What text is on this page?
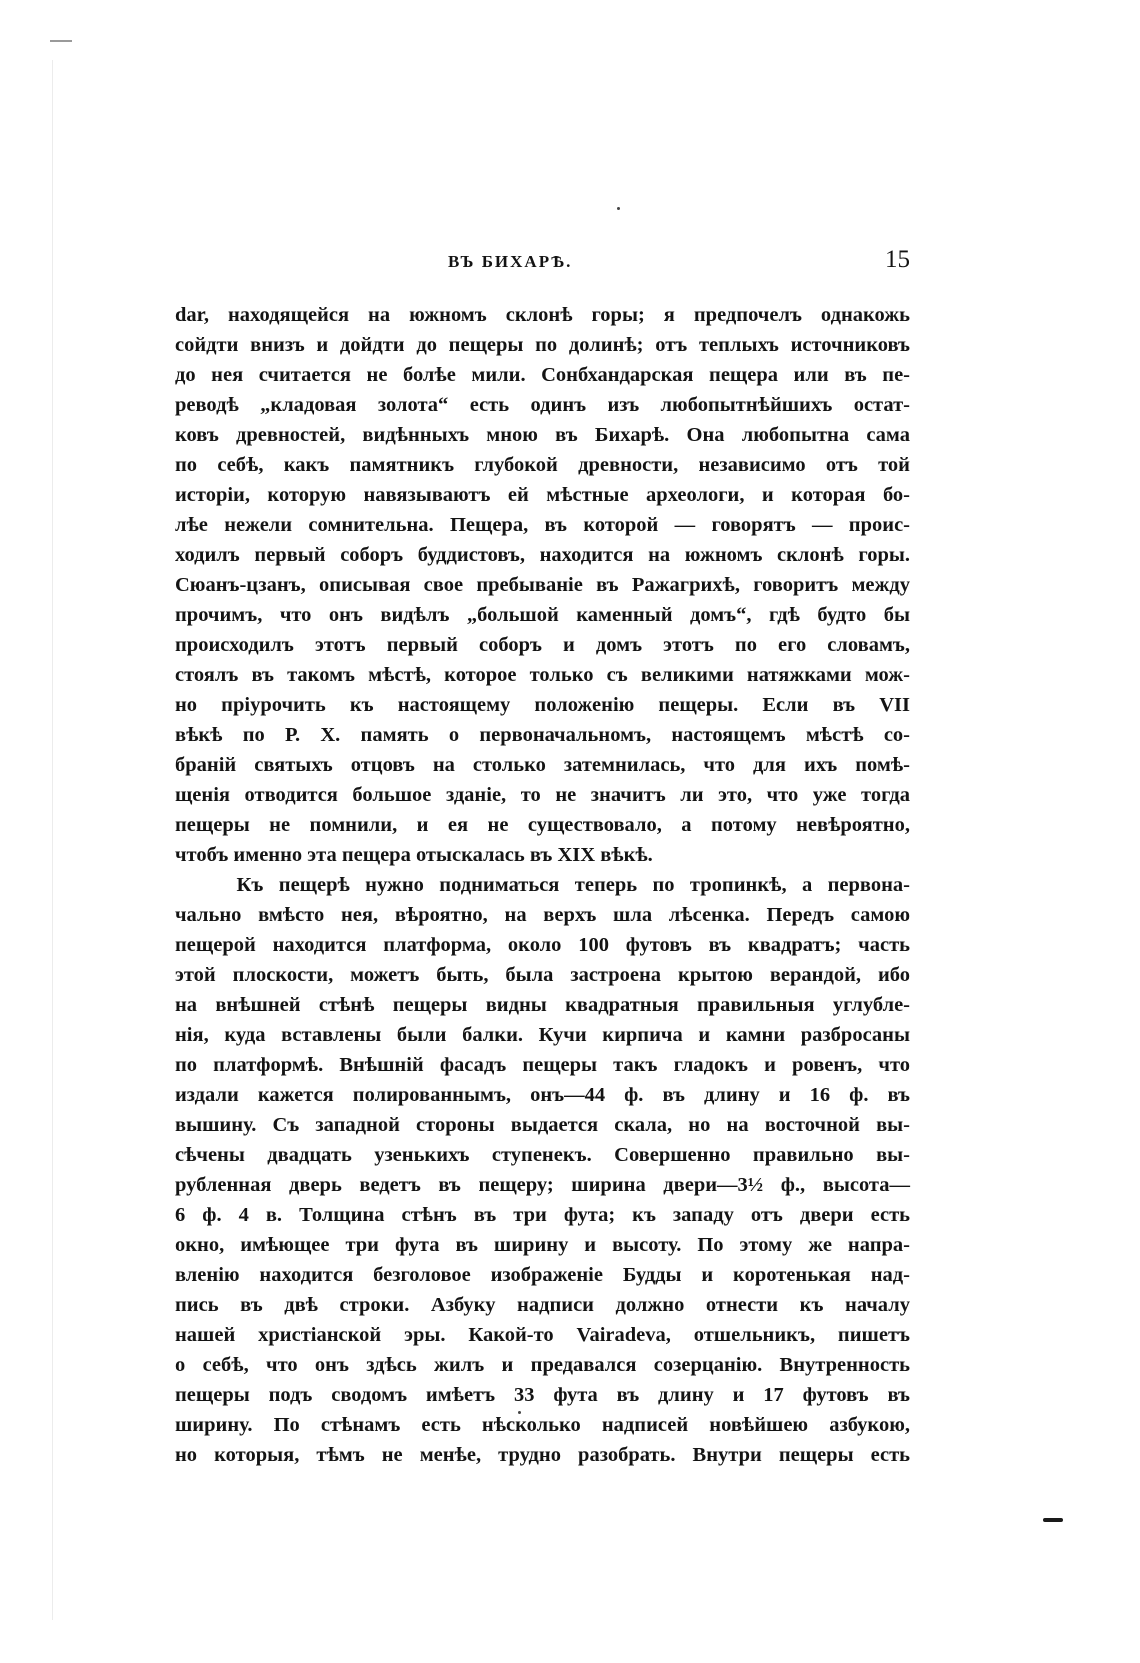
ВЪ БИХАРѢ.	15
dar, находящейся на южномъ склонѣ горы; я предпочелъ однакожь
сойдти внизъ и дойдти до пещеры по долинѣ; отъ теплыхъ источниковъ
до нея считается не болѣе мили. Сонбхандарская пещера или въ пе-
реводѣ „кладовая золота“ есть одинъ изъ любопытнѣйшихъ остат-
ковъ древностей, видѣнныхъ мною въ Бихарѣ. Она любопытна сама
по себѣ, какъ памятникъ глубокой древности, независимо отъ той
исторіи, которую навязываютъ ей мѣстные археологи, и которая бо-
лѣе нежели сомнительна. Пещера, въ которой — говорятъ — проис-
ходилъ первый соборъ буддистовъ, находится на южномъ склонѣ горы.
Сюанъ-цзанъ, описывая свое пребываніе въ Ражагрихѣ, говоритъ между
прочимъ, что онъ видѣлъ „большой каменный домъ“, гдѣ будто бы
происходилъ этотъ первый соборъ и домъ этотъ по его словамъ,
стоялъ въ такомъ мѣстѣ, которое только съ великими натяжками мож-
но пріурочить къ настоящему положенію пещеры. Если въ VII
вѣкѣ по Р. Х. память о первоначальномъ, настоящемъ мѣстѣ со-
браній святыхъ отцовъ на столько затемнилась, что для ихъ помѣ-
щенія отводится большое зданіе, то не значитъ ли это, что уже тогда
пещеры не помнили, и ея не существовало, а потому невѣроятно,
чтобъ именно эта пещера отыскалась въ XIX вѣкѣ.
Къ пещерѣ нужно подниматься теперь по тропинкѣ, а первона-
чально вмѣсто нея, вѣроятно, на верхъ шла лѣсенка. Передъ самою
пещерой находится платформа, около 100 футовъ въ квадратъ; часть
этой плоскости, можетъ быть, была застроена крытою верандой, ибо
на внѣшней стѣнѣ пещеры видны квадратныя правильныя углубле-
нія, куда вставлены были балки. Кучи кирпича и камни разбросаны
по платформѣ. Внѣшній фасадъ пещеры такъ гладокъ и ровенъ, что
издали кажется полированнымъ, онъ—44 ф. въ длину и 16 ф. въ
вышину. Съ западной стороны выдается скала, но на восточной вы-
сѣчены двадцать узенькихъ ступенекъ. Совершенно правильно вы-
рубленная дверь ведетъ въ пещеру; ширина двери—3½ ф., высота—
6 ф. 4 в. Толщина стѣнъ въ три фута; къ западу отъ двери есть
окно, имѣющее три фута въ ширину и высоту. По этому же напра-
вленію находится безголовое изображеніе Будды и коротенькая над-
пись въ двѣ строки. Азбуку надписи должно отнести къ началу
нашей христіанской эры. Какой-то Vairadeva, отшельникъ, пишетъ
о себѣ, что онъ здѣсь жилъ и предавался созерцанію. Внутренность
пещеры подъ сводомъ имѣетъ 33 фута въ длину и 17 футовъ въ
ширину. По стѣнамъ есть нѣсколько надписей новѣйшею азбукою,
но которыя, тѣмъ не менѣе, трудно разобрать. Внутри пещеры есть
